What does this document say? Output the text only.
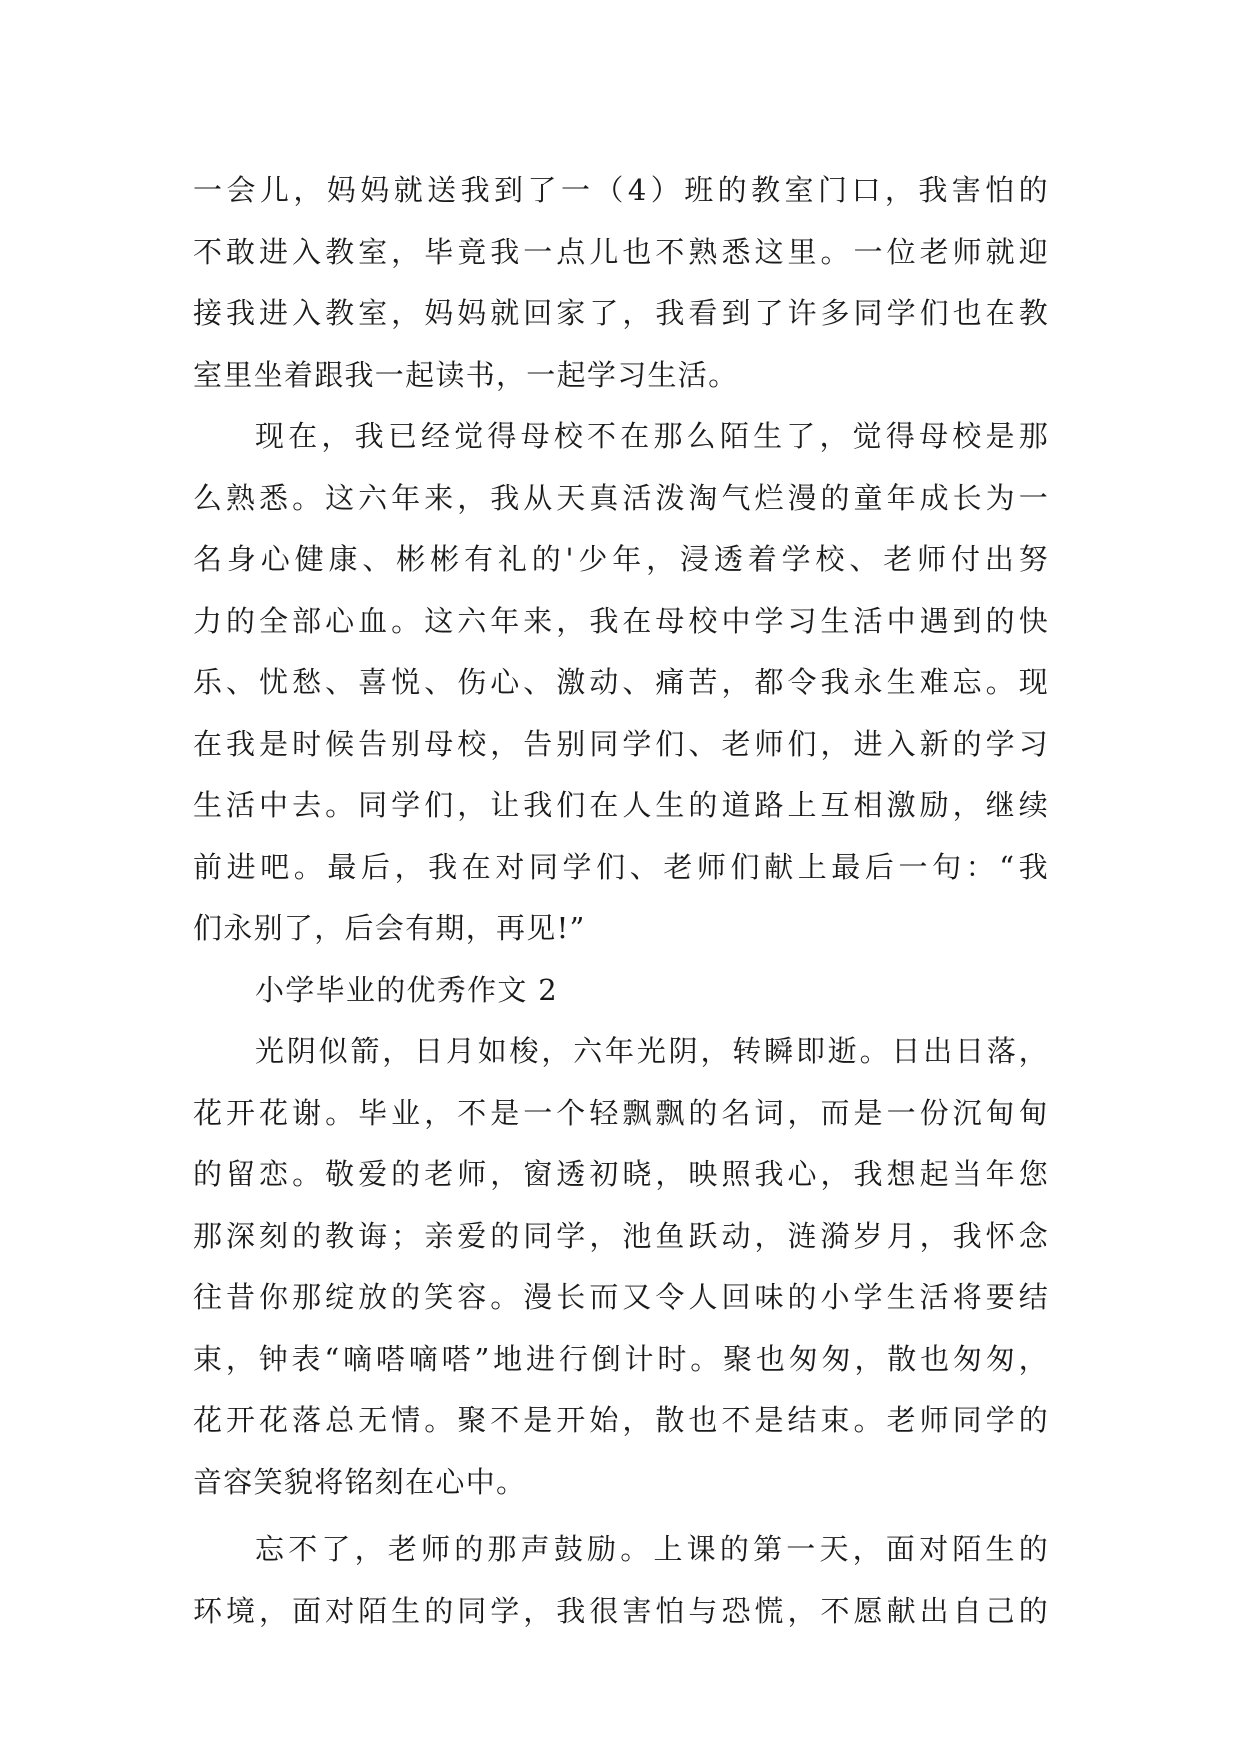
一会儿，妈妈就送我到了一（4）班的教室门口，我害怕的
不敢进入教室，毕竟我一点儿也不熟悉这里。一位老师就迎
接我进入教室，妈妈就回家了，我看到了许多同学们也在教
室里坐着跟我一起读书，一起学习生活。
现在，我已经觉得母校不在那么陌生了，觉得母校是那
么熟悉。这六年来，我从天真活泼淘气烂漫的童年成长为一
名身心健康、彬彬有礼的'少年，浸透着学校、老师付出努
力的全部心血。这六年来，我在母校中学习生活中遇到的快
乐、忧愁、喜悦、伤心、激动、痛苦，都令我永生难忘。现
在我是时候告别母校，告别同学们、老师们，进入新的学习
生活中去。同学们，让我们在人生的道路上互相激励，继续
前进吧。最后，我在对同学们、老师们献上最后一句：“我
们永别了，后会有期，再见!”
小学毕业的优秀作文 2
光阴似箭，日月如梭，六年光阴，转瞬即逝。日出日落，
花开花谢。毕业，不是一个轻飘飘的名词，而是一份沉甸甸
的留恋。敬爱的老师，窗透初晓，映照我心，我想起当年您
那深刻的教诲；亲爱的同学，池鱼跃动，涟漪岁月，我怀念
往昔你那绽放的笑容。漫长而又令人回味的小学生活将要结
束，钟表“嘀嗒嘀嗒”地进行倒计时。聚也匆匆，散也匆匆，
花开花落总无情。聚不是开始，散也不是结束。老师同学的
音容笑貌将铭刻在心中。
忘不了，老师的那声鼓励。上课的第一天，面对陌生的
环境，面对陌生的同学，我很害怕与恐慌，不愿献出自己的
